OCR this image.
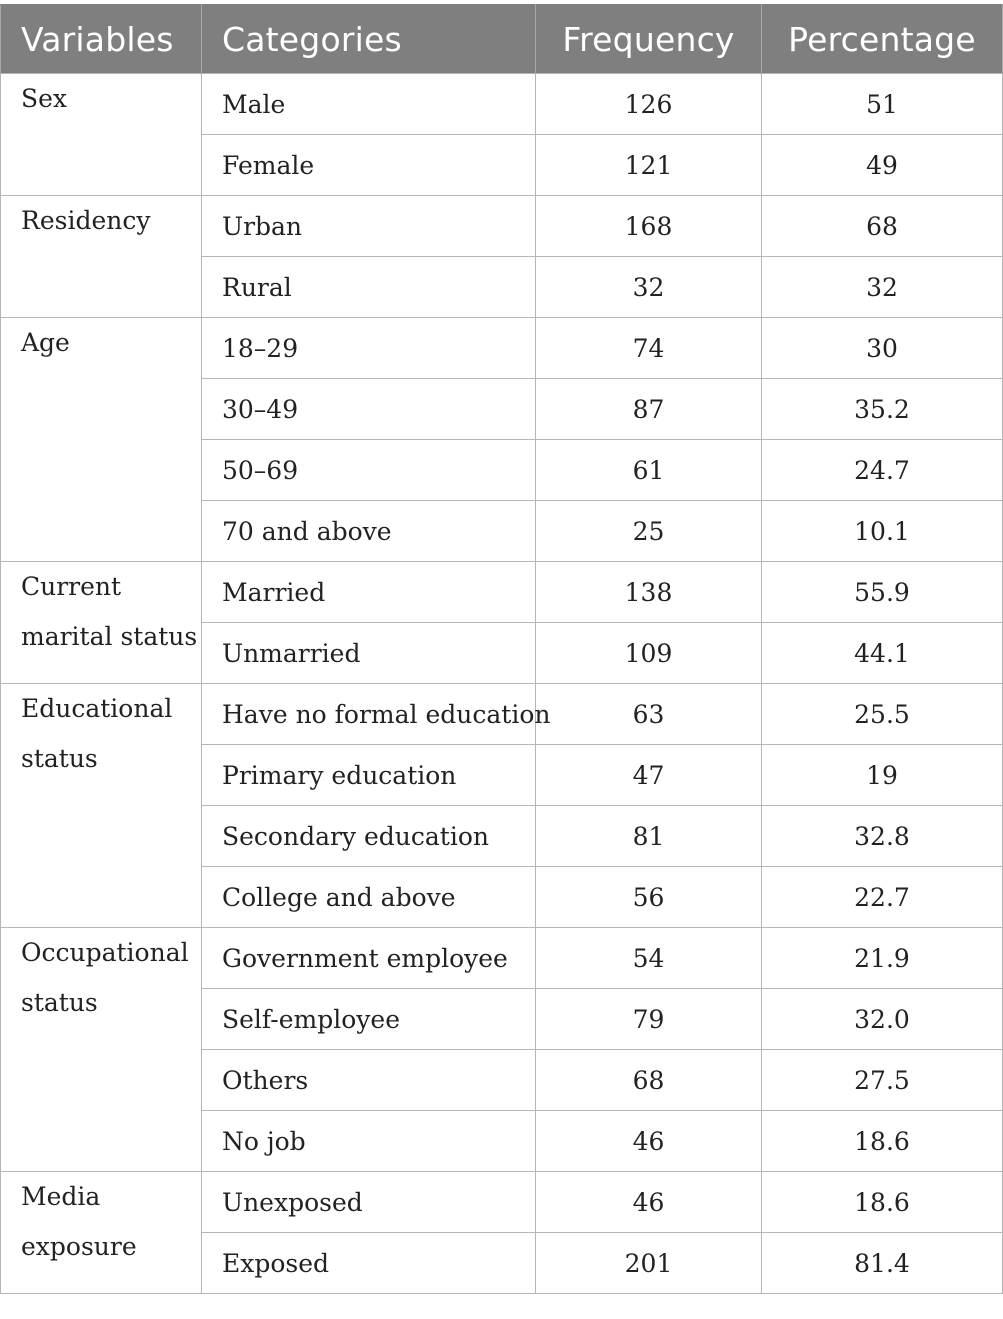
Variables	Categories	Frequency	Percentage

Sex	Male	126	51
	Female	121	49

Residency	Urban	168	68
	Rural	32	32

Age	18–29	74	30
	30–49	87	35.2
	50–69	61	24.7
	70 and above	25	10.1

Current marital status	Married	138	55.9
	Unmarried	109	44.1

Educational status	Have no formal education	63	25.5
	Primary education	47	19
	Secondary education	81	32.8
	College and above	56	22.7

Occupational status	Government employee	54	21.9
	Self-employee	79	32.0
	Others	68	27.5
	No job	46	18.6

Media exposure	Unexposed	46	18.6
	Exposed	201	81.4
